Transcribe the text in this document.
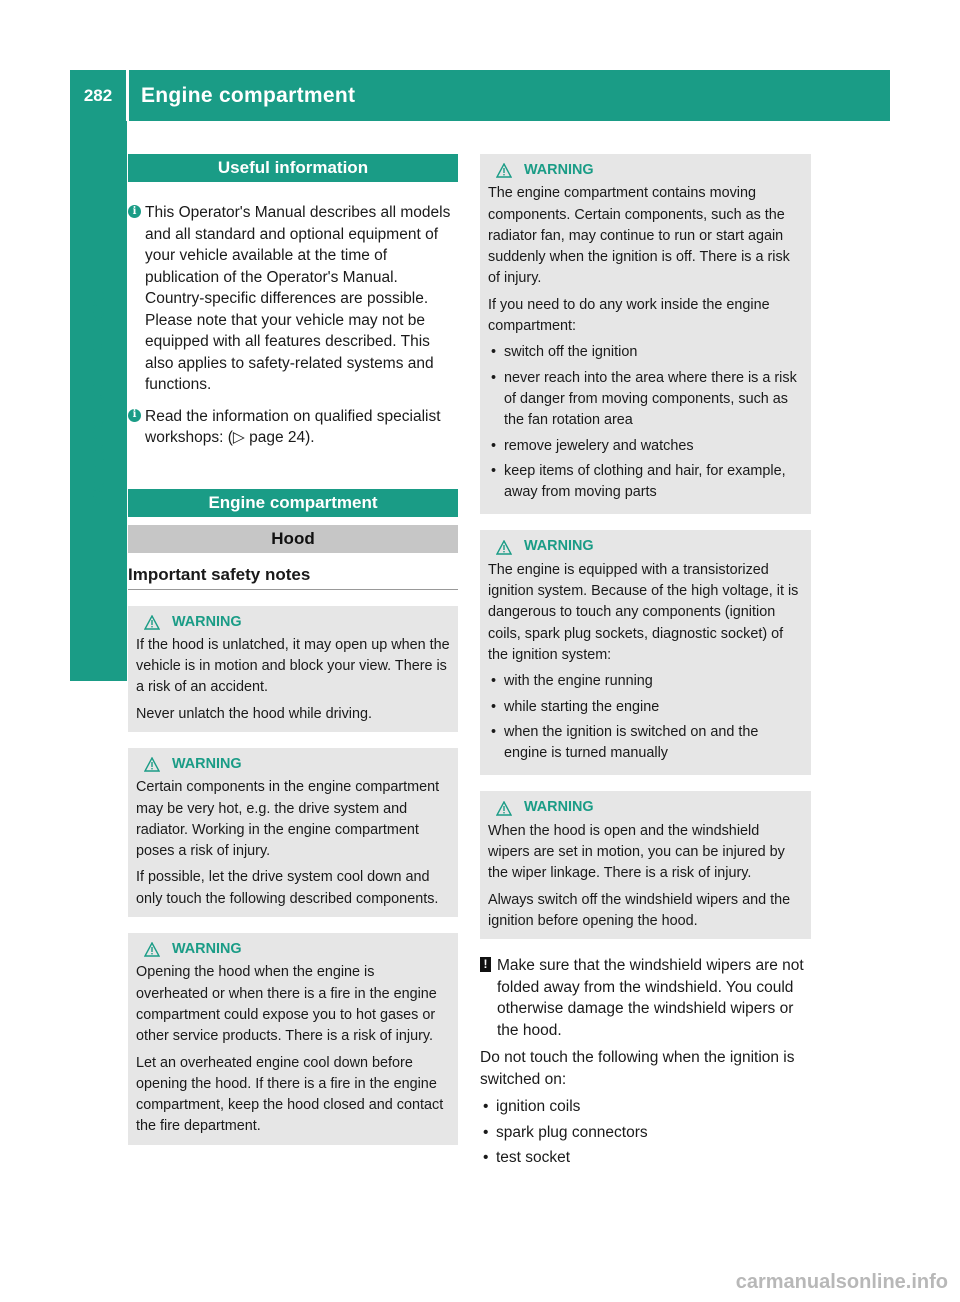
282	Engine compartment
Maintenance and care
Useful information
i This Operator's Manual describes all models and all standard and optional equipment of your vehicle available at the time of publication of the Operator's Manual. Country-specific differences are possible. Please note that your vehicle may not be equipped with all features described. This also applies to safety-related systems and functions.
i Read the information on qualified specialist workshops: (▷ page 24).
Engine compartment
Hood
Important safety notes
WARNING

If the hood is unlatched, it may open up when the vehicle is in motion and block your view. There is a risk of an accident.

Never unlatch the hood while driving.

WARNING

Certain components in the engine compartment may be very hot, e.g. the drive system and radiator. Working in the engine compartment poses a risk of injury.

If possible, let the drive system cool down and only touch the following described components.

WARNING

Opening the hood when the engine is overheated or when there is a fire in the engine compartment could expose you to hot gases or other service products. There is a risk of injury.

Let an overheated engine cool down before opening the hood. If there is a fire in the engine compartment, keep the hood closed and contact the fire department.

WARNING

The engine compartment contains moving components. Certain components, such as the radiator fan, may continue to run or start again suddenly when the ignition is off. There is a risk of injury.

If you need to do any work inside the engine compartment:

• switch off the ignition
• never reach into the area where there is a risk of danger from moving components, such as the fan rotation area
• remove jewelery and watches
• keep items of clothing and hair, for example, away from moving parts
WARNING

The engine is equipped with a transistorized ignition system. Because of the high voltage, it is dangerous to touch any components (ignition coils, spark plug sockets, diagnostic socket) of the ignition system:

• with the engine running
• while starting the engine
• when the ignition is switched on and the engine is turned manually
WARNING

When the hood is open and the windshield wipers are set in motion, you can be injured by the wiper linkage. There is a risk of injury.

Always switch off the windshield wipers and the ignition before opening the hood.

! Make sure that the windshield wipers are not folded away from the windshield. You could otherwise damage the windshield wipers or the hood.
Do not touch the following when the ignition is switched on:
• ignition coils
• spark plug connectors
• test socket
carmanualsonline.info
